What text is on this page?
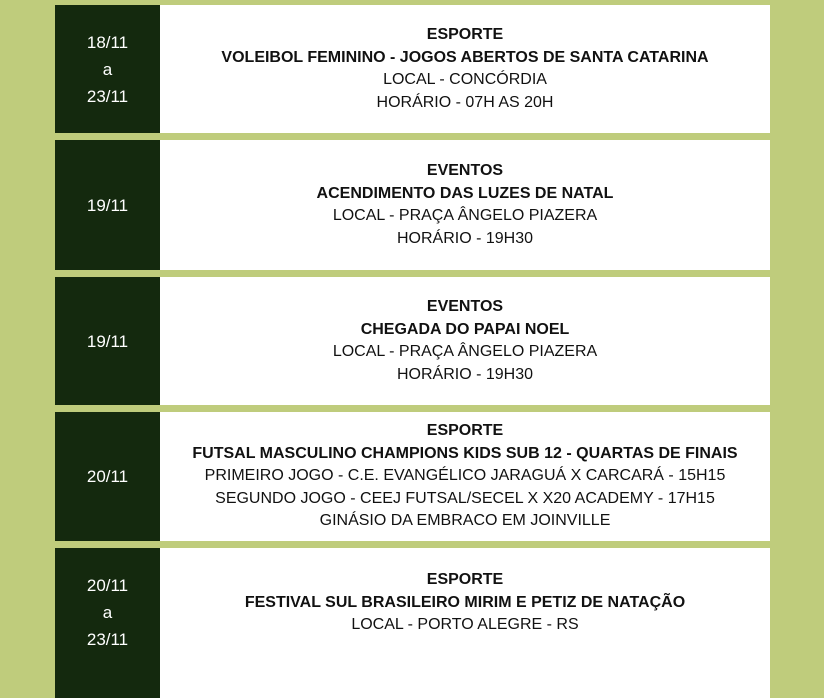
18/11
a
23/11
ESPORTE
VOLEIBOL FEMININO - JOGOS ABERTOS DE SANTA CATARINA
LOCAL - CONCÓRDIA
HORÁRIO - 07H AS 20H
19/11
EVENTOS
ACENDIMENTO DAS LUZES DE NATAL
LOCAL - PRAÇA ÂNGELO PIAZERA
HORÁRIO - 19H30
19/11
EVENTOS
CHEGADA DO PAPAI NOEL
LOCAL - PRAÇA ÂNGELO PIAZERA
HORÁRIO - 19H30
20/11
ESPORTE
FUTSAL MASCULINO CHAMPIONS KIDS SUB 12 - QUARTAS DE FINAIS
PRIMEIRO JOGO - C.E. EVANGÉLICO JARAGUÁ X CARCARÁ - 15H15
SEGUNDO JOGO - CEEJ FUTSAL/SECEL X X20 ACADEMY - 17H15
GINÁSIO DA EMBRACO EM JOINVILLE
20/11
a
23/11
ESPORTE
FESTIVAL SUL BRASILEIRO MIRIM E PETIZ DE NATAÇÃO
LOCAL - PORTO ALEGRE - RS
